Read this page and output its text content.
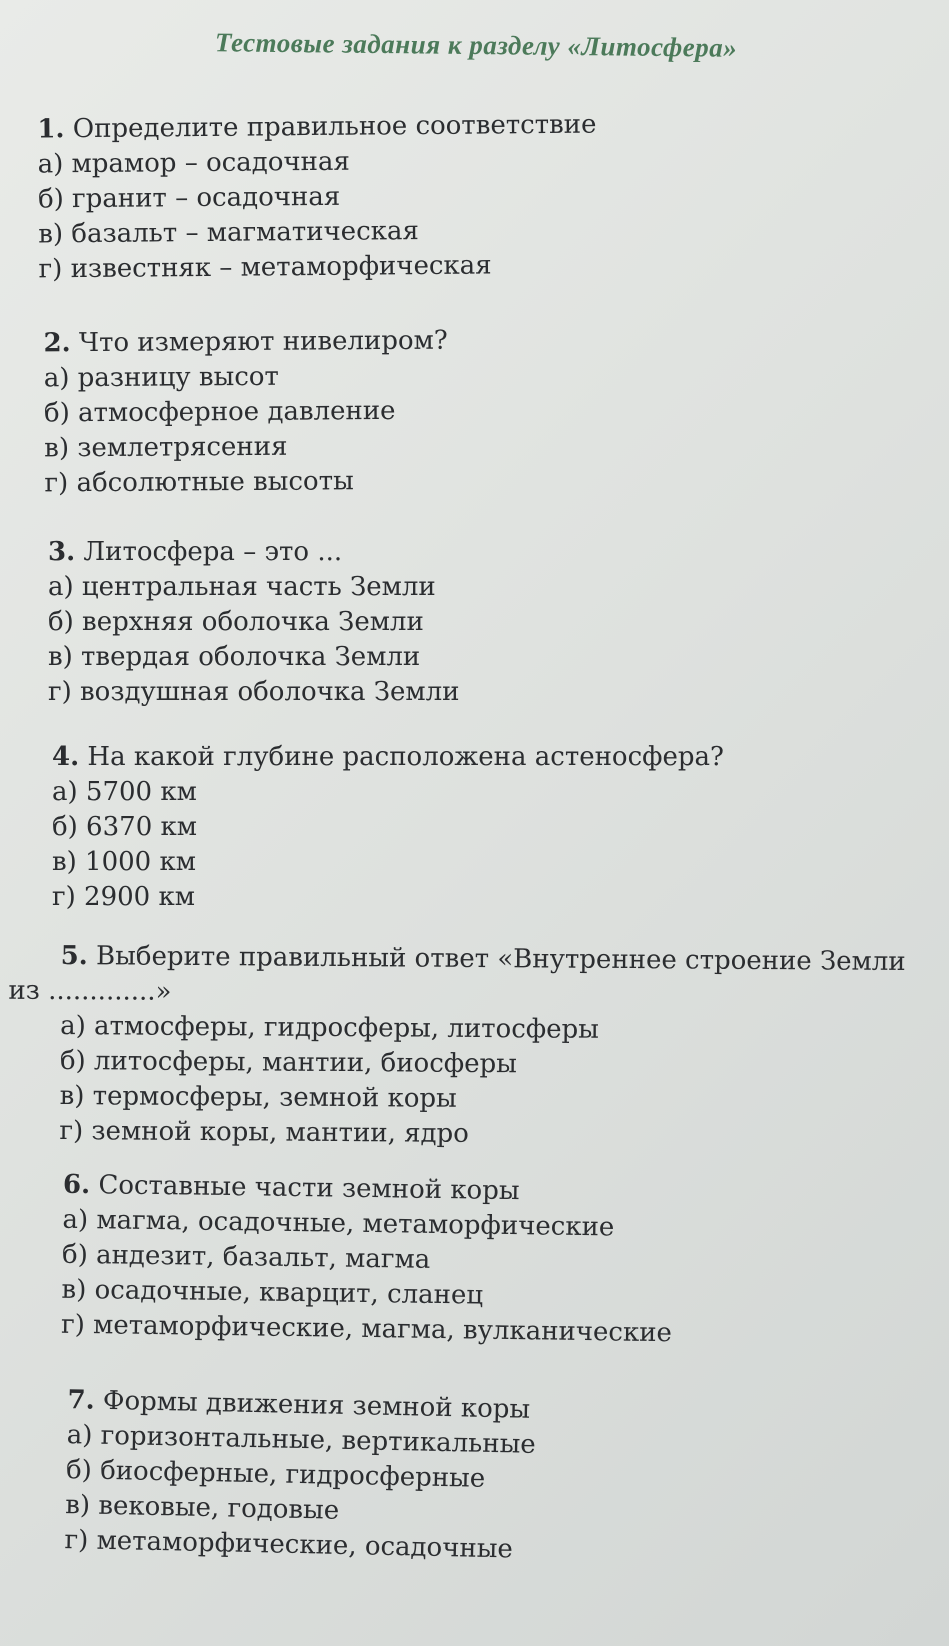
Тестовые задания к разделу «Литосфера»
1. Определите правильное соответствие
а) мрамор – осадочная
б) гранит – осадочная
в) базальт – магматическая
г) известняк – метаморфическая
2. Что измеряют нивелиром?
а) разницу высот
б) атмосферное давление
в) землетрясения
г) абсолютные высоты
3. Литосфера – это ...
а) центральная часть Земли
б) верхняя оболочка Земли
в) твердая оболочка Земли
г) воздушная оболочка Земли
4. На какой глубине расположена астеносфера?
а) 5700 км
б) 6370 км
в) 1000 км
г) 2900 км
5. Выберите правильный ответ «Внутреннее строение Земли
из .............»
а) атмосферы, гидросферы, литосферы
б) литосферы, мантии, биосферы
в) термосферы, земной коры
г) земной коры, мантии, ядро
6. Составные части земной коры
а) магма, осадочные, метаморфические
б) андезит, базальт, магма
в) осадочные, кварцит, сланец
г) метаморфические, магма, вулканические
7. Формы движения земной коры
а) горизонтальные, вертикальные
б) биосферные, гидросферные
в) вековые, годовые
г) метаморфические, осадочные
